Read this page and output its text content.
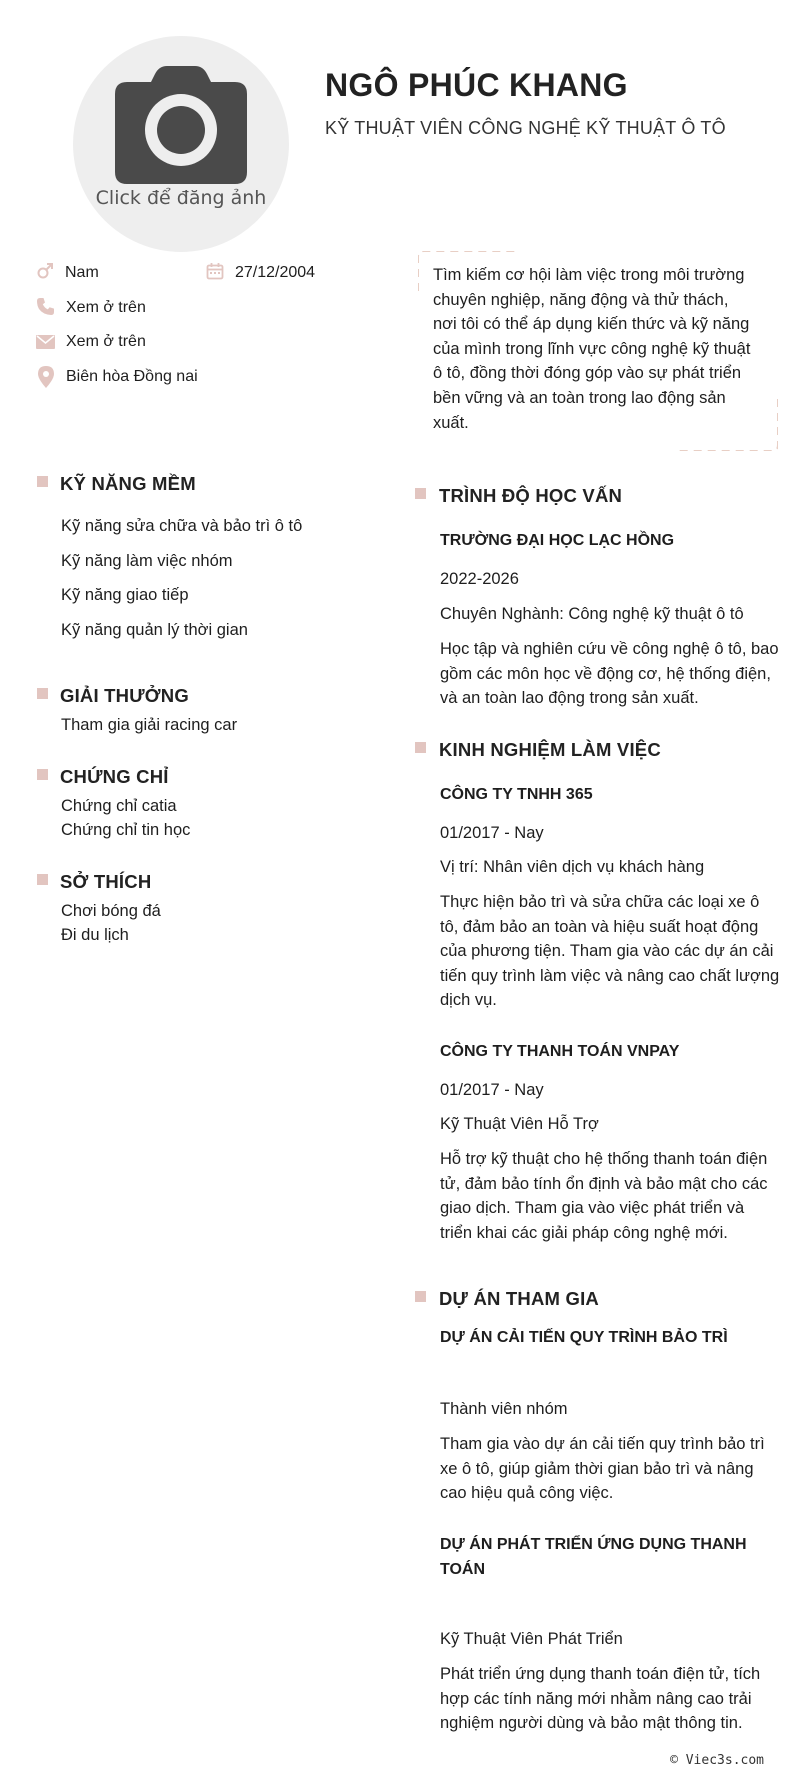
Click để đăng ảnh
NGÔ PHÚC KHANG
KỸ THUẬT VIÊN CÔNG NGHỆ KỸ THUẬT Ô TÔ
Nam	27/12/2004
Xem ở trên
Xem ở trên
Biên hòa Đồng nai
Tìm kiếm cơ hội làm việc trong môi trường chuyên nghiệp, năng động và thử thách, nơi tôi có thể áp dụng kiến thức và kỹ năng của mình trong lĩnh vực công nghệ kỹ thuật ô tô, đồng thời đóng góp vào sự phát triển bền vững và an toàn trong lao động sản xuất.
KỸ NĂNG MỀM
Kỹ năng sửa chữa và bảo trì ô tô
Kỹ năng làm việc nhóm
Kỹ năng giao tiếp
Kỹ năng quản lý thời gian
GIẢI THƯỞNG
Tham gia giải racing car
CHỨNG CHỈ
Chứng chỉ catia
Chứng chỉ tin học
SỞ THÍCH
Chơi bóng đá
Đi du lịch
TRÌNH ĐỘ HỌC VẤN
TRƯỜNG ĐẠI HỌC LẠC HỒNG
2022-2026
Chuyên Nghành: Công nghệ kỹ thuật ô tô
Học tập và nghiên cứu về công nghệ ô tô, bao gồm các môn học về động cơ, hệ thống điện, và an toàn lao động trong sản xuất.
KINH NGHIỆM LÀM VIỆC
CÔNG TY TNHH 365
01/2017 - Nay
Vị trí: Nhân viên dịch vụ khách hàng
Thực hiện bảo trì và sửa chữa các loại xe ô tô, đảm bảo an toàn và hiệu suất hoạt động của phương tiện. Tham gia vào các dự án cải tiến quy trình làm việc và nâng cao chất lượng dịch vụ.
CÔNG TY THANH TOÁN VNPAY
01/2017 - Nay
Kỹ Thuật Viên Hỗ Trợ
Hỗ trợ kỹ thuật cho hệ thống thanh toán điện tử, đảm bảo tính ổn định và bảo mật cho các giao dịch. Tham gia vào việc phát triển và triển khai các giải pháp công nghệ mới.
DỰ ÁN THAM GIA
DỰ ÁN CẢI TIẾN QUY TRÌNH BẢO TRÌ
Thành viên nhóm
Tham gia vào dự án cải tiến quy trình bảo trì xe ô tô, giúp giảm thời gian bảo trì và nâng cao hiệu quả công việc.
DỰ ÁN PHÁT TRIỂN ỨNG DỤNG THANH TOÁN
Kỹ Thuật Viên Phát Triển
Phát triển ứng dụng thanh toán điện tử, tích hợp các tính năng mới nhằm nâng cao trải nghiệm người dùng và bảo mật thông tin.
© Viec3s.com
